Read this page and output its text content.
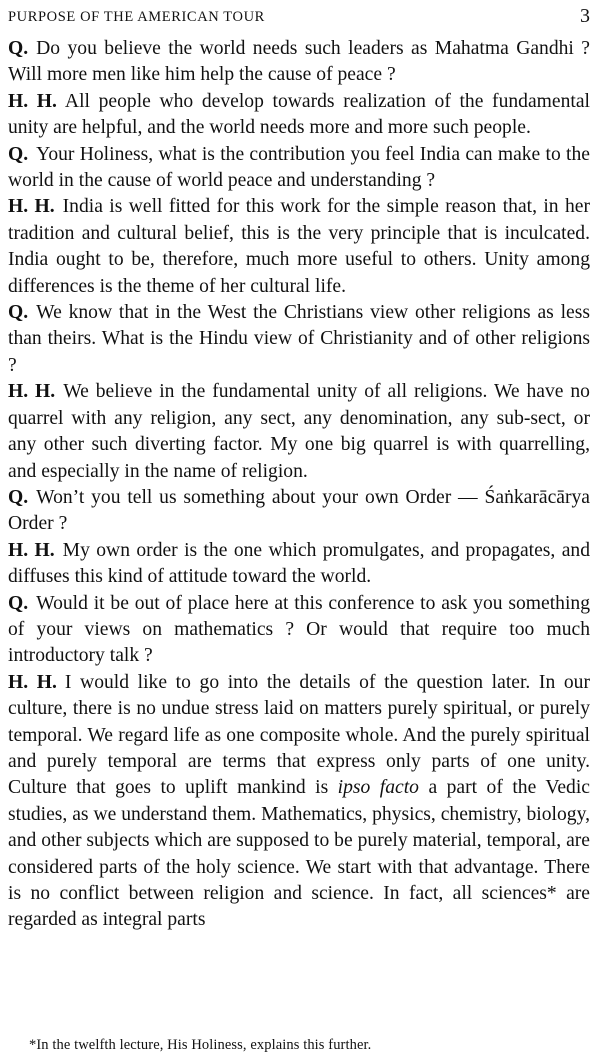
PURPOSE OF THE AMERICAN TOUR	3

Q. Do you believe the world needs such leaders as Mahatma Gandhi ? Will more men like him help the cause of peace ?

H. H. All people who develop towards realization of the fundamental unity are helpful, and the world needs more and more such people.

Q. Your Holiness, what is the contribution you feel India can make to the world in the cause of world peace and understanding ?

H. H. India is well fitted for this work for the simple reason that, in her tradition and cultural belief, this is the very principle that is inculcated. India ought to be, therefore, much more useful to others. Unity among differences is the theme of her cultural life.

Q. We know that in the West the Christians view other religions as less than theirs. What is the Hindu view of Christianity and of other religions ?

H. H. We believe in the fundamental unity of all religions. We have no quarrel with any religion, any sect, any denomination, any sub-sect, or any other such diverting factor. My one big quarrel is with quarrelling, and especially in the name of religion.

Q. Won’t you tell us something about your own Order — Śaṅkarācārya Order ?

H. H. My own order is the one which promulgates, and propagates, and diffuses this kind of attitude toward the world.

Q. Would it be out of place here at this conference to ask you something of your views on mathematics ? Or would that require too much introductory talk ?

H. H. I would like to go into the details of the question later. In our culture, there is no undue stress laid on matters purely spiritual, or purely temporal. We regard life as one composite whole. And the purely spiritual and purely temporal are terms that express only parts of one unity. Culture that goes to uplift mankind is ipso facto a part of the Vedic studies, as we understand them. Mathematics, physics, chemistry, biology, and other subjects which are supposed to be purely material, temporal, are considered parts of the holy science. We start with that advantage. There is no conflict between religion and science. In fact, all sciences* are regarded as integral parts

*In the twelfth lecture, His Holiness, explains this further.
